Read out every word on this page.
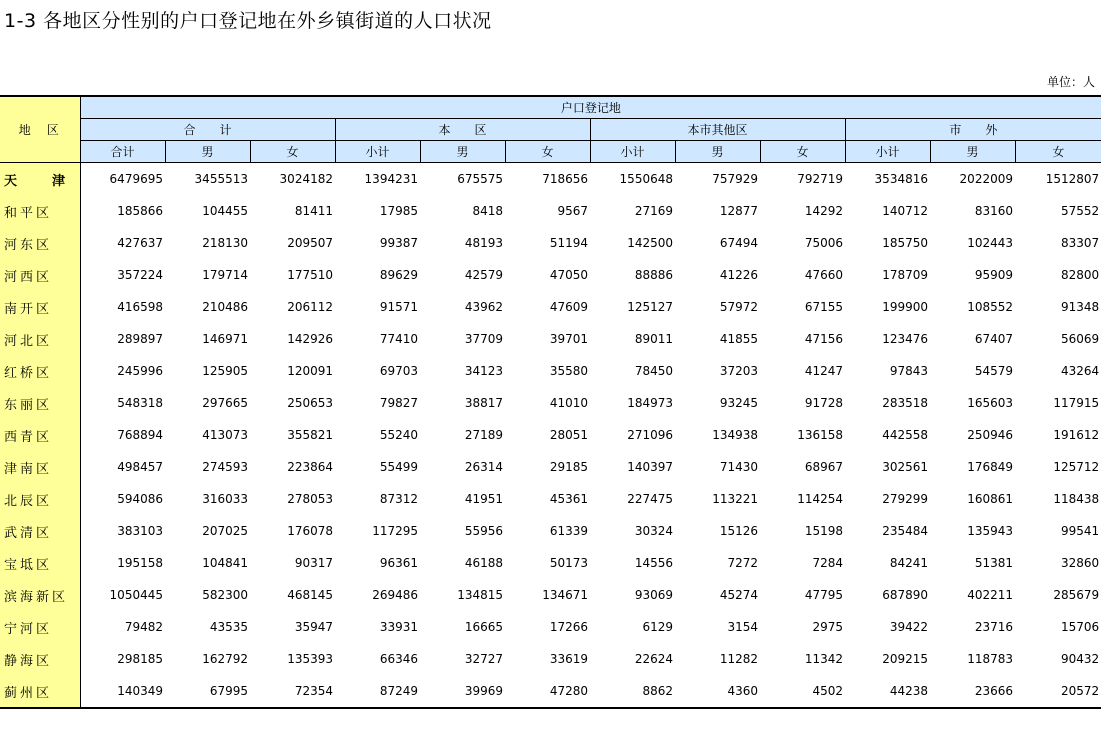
1-3 各地区分性别的户口登记地在外乡镇街道的人口状况
单位：人
地　区	户口登记地											
	合　　计			本　　区			本市其他区			市　　外		
	合计	男	女	小计	男	女	小计	男	女	小计	男	女
天　　津	6479695	3455513	3024182	1394231	675575	718656	1550648	757929	792719	3534816	2022009	1512807
和平区	185866	104455	81411	17985	8418	9567	27169	12877	14292	140712	83160	57552
河东区	427637	218130	209507	99387	48193	51194	142500	67494	75006	185750	102443	83307
河西区	357224	179714	177510	89629	42579	47050	88886	41226	47660	178709	95909	82800
南开区	416598	210486	206112	91571	43962	47609	125127	57972	67155	199900	108552	91348
河北区	289897	146971	142926	77410	37709	39701	89011	41855	47156	123476	67407	56069
红桥区	245996	125905	120091	69703	34123	35580	78450	37203	41247	97843	54579	43264
东丽区	548318	297665	250653	79827	38817	41010	184973	93245	91728	283518	165603	117915
西青区	768894	413073	355821	55240	27189	28051	271096	134938	136158	442558	250946	191612
津南区	498457	274593	223864	55499	26314	29185	140397	71430	68967	302561	176849	125712
北辰区	594086	316033	278053	87312	41951	45361	227475	113221	114254	279299	160861	118438
武清区	383103	207025	176078	117295	55956	61339	30324	15126	15198	235484	135943	99541
宝坻区	195158	104841	90317	96361	46188	50173	14556	7272	7284	84241	51381	32860
滨海新区	1050445	582300	468145	269486	134815	134671	93069	45274	47795	687890	402211	285679
宁河区	79482	43535	35947	33931	16665	17266	6129	3154	2975	39422	23716	15706
静海区	298185	162792	135393	66346	32727	33619	22624	11282	11342	209215	118783	90432
蓟州区	140349	67995	72354	87249	39969	47280	8862	4360	4502	44238	23666	20572
